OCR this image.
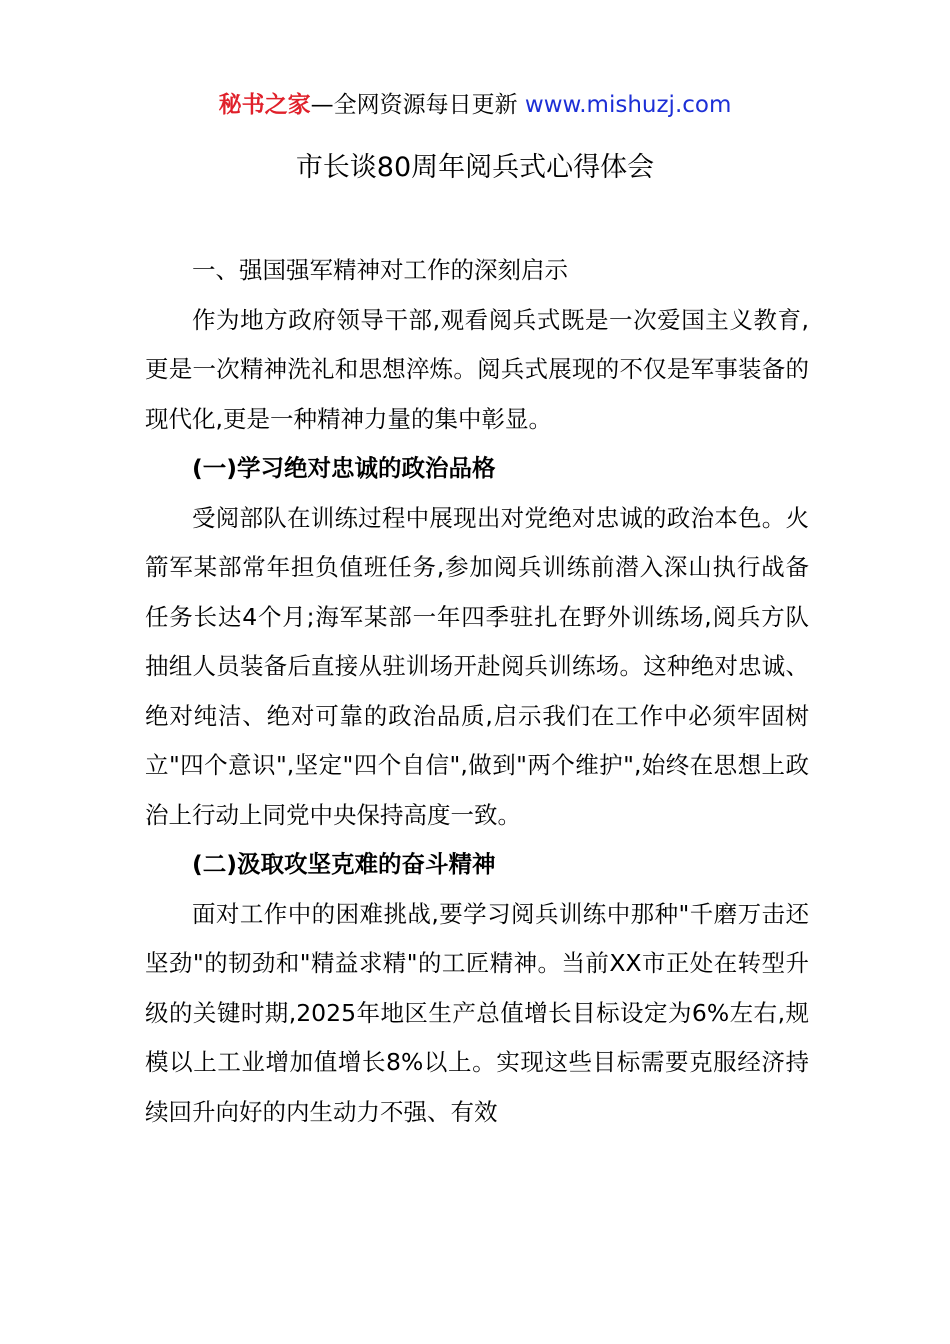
秘书之家—全网资源每日更新 www.mishuzj.com
市长谈80周年阅兵式心得体会

一、强国强军精神对工作的深刻启示

作为地方政府领导干部,观看阅兵式既是一次爱国主义教育,更是一次精神洗礼和思想淬炼。阅兵式展现的不仅是军事装备的现代化,更是一种精神力量的集中彰显。

(一)学习绝对忠诚的政治品格

受阅部队在训练过程中展现出对党绝对忠诚的政治本色。火箭军某部常年担负值班任务,参加阅兵训练前潜入深山执行战备任务长达4个月;海军某部一年四季驻扎在野外训练场,阅兵方队抽组人员装备后直接从驻训场开赴阅兵训练场。这种绝对忠诚、绝对纯洁、绝对可靠的政治品质,启示我们在工作中必须牢固树立"四个意识",坚定"四个自信",做到"两个维护",始终在思想上政治上行动上同党中央保持高度一致。

(二)汲取攻坚克难的奋斗精神

面对工作中的困难挑战,要学习阅兵训练中那种"千磨万击还坚劲"的韧劲和"精益求精"的工匠精神。当前XX市正处在转型升级的关键时期,2025年地区生产总值增长目标设定为6%左右,规模以上工业增加值增长8%以上。实现这些目标需要克服经济持续回升向好的内生动力不强、有效
